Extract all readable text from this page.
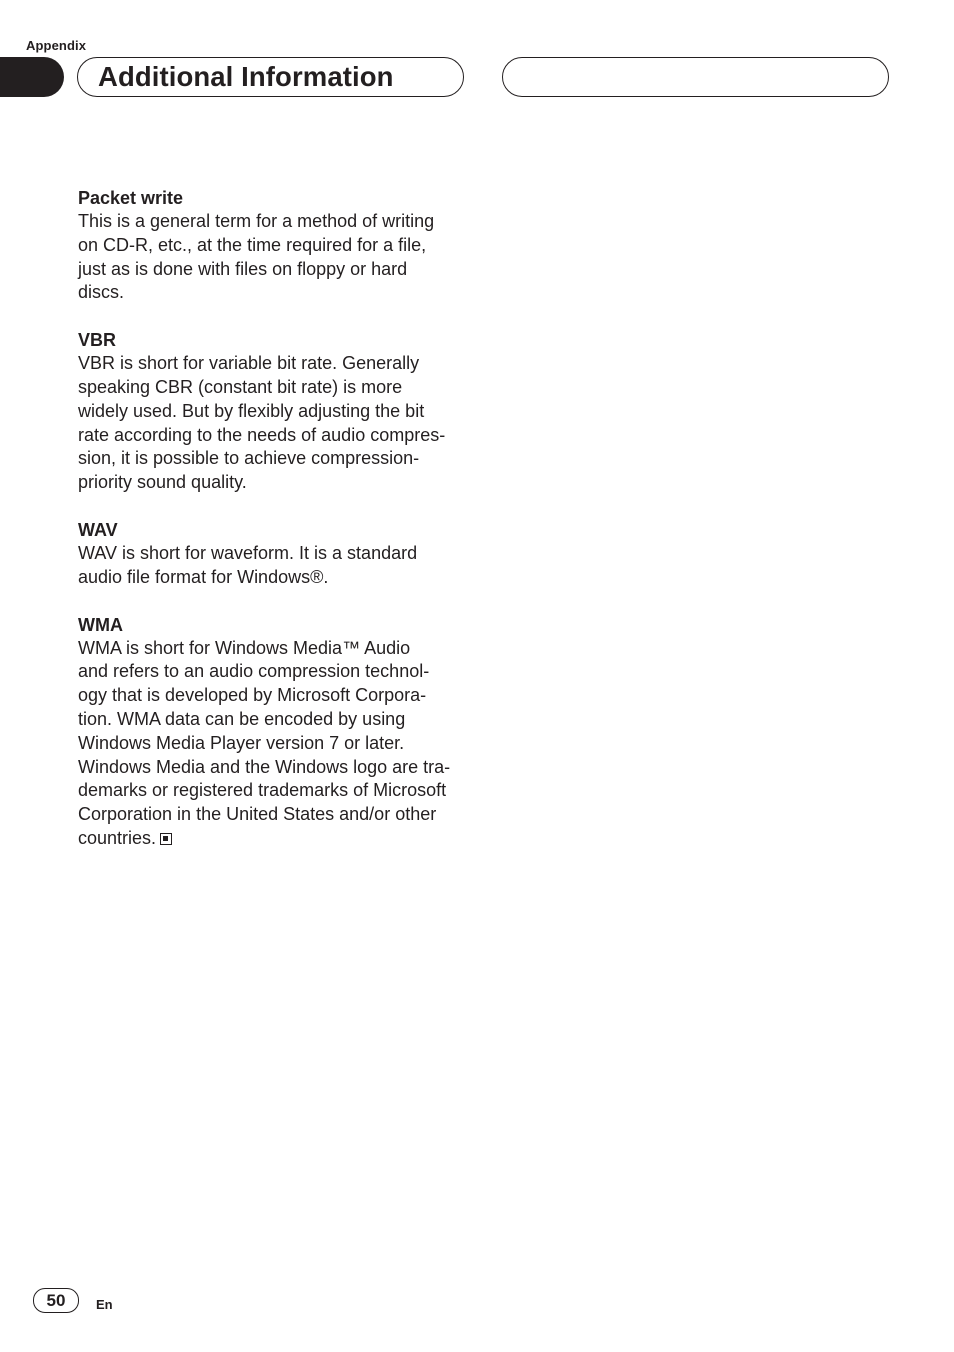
Appendix
Additional Information

Packet write

This is a general term for a method of writing
on CD-R, etc., at the time required for a file,
just as is done with files on floppy or hard
discs.

VBR

VBR is short for variable bit rate. Generally
speaking CBR (constant bit rate) is more
widely used. But by flexibly adjusting the bit
rate according to the needs of audio compres-
sion, it is possible to achieve compression-
priority sound quality.

WAV

WAV is short for waveform. It is a standard
audio file format for Windows®.

WMA

WMA is short for Windows Media™ Audio
and refers to an audio compression technol-
ogy that is developed by Microsoft Corpora-
tion. WMA data can be encoded by using
Windows Media Player version 7 or later.
Windows Media and the Windows logo are tra-
demarks or registered trademarks of Microsoft
Corporation in the United States and/or other
countries.

50	En
